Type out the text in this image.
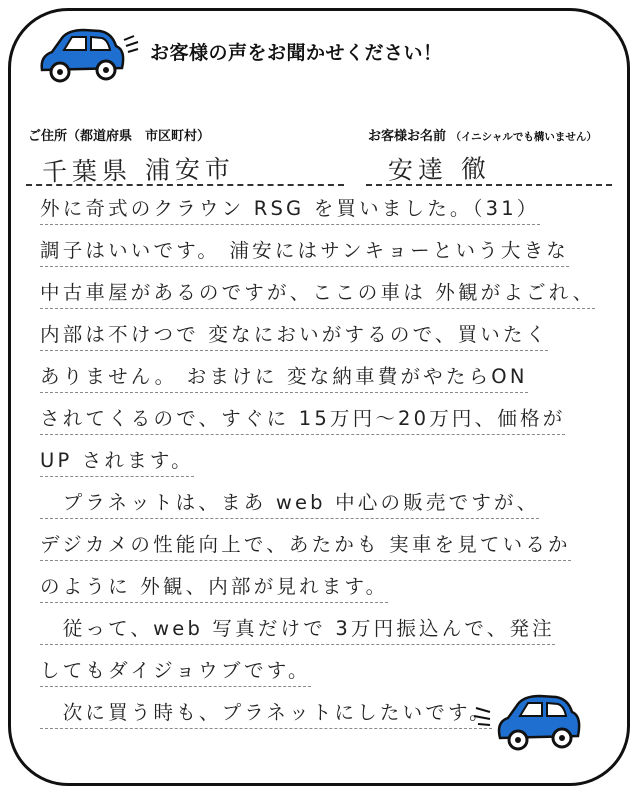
お客様の声をお聞かせください！
ご住所（都道府県　市区町村）	お客様お名前 （イニシャルでも構いません）
千葉県 浦安市	安達 徹
外に奇式のクラウン RSG を買いました。（31）
調子はいいです。 浦安にはサンキョーという大きな
中古車屋があるのですが、ここの車は 外観がよごれ、
内部は不けつで 変なにおいがするので、買いたく
ありません。 おまけに 変な納車費がやたらON
されてくるので、すぐに 15万円〜20万円、価格が
UP されます。
　プラネットは、まあ web 中心の販売ですが、
デジカメの性能向上で、あたかも 実車を見ているか
のように 外観、内部が見れます。
　従って、web 写真だけで 3万円振込んで、発注
してもダイジョウブです。
　次に買う時も、プラネットにしたいです。
